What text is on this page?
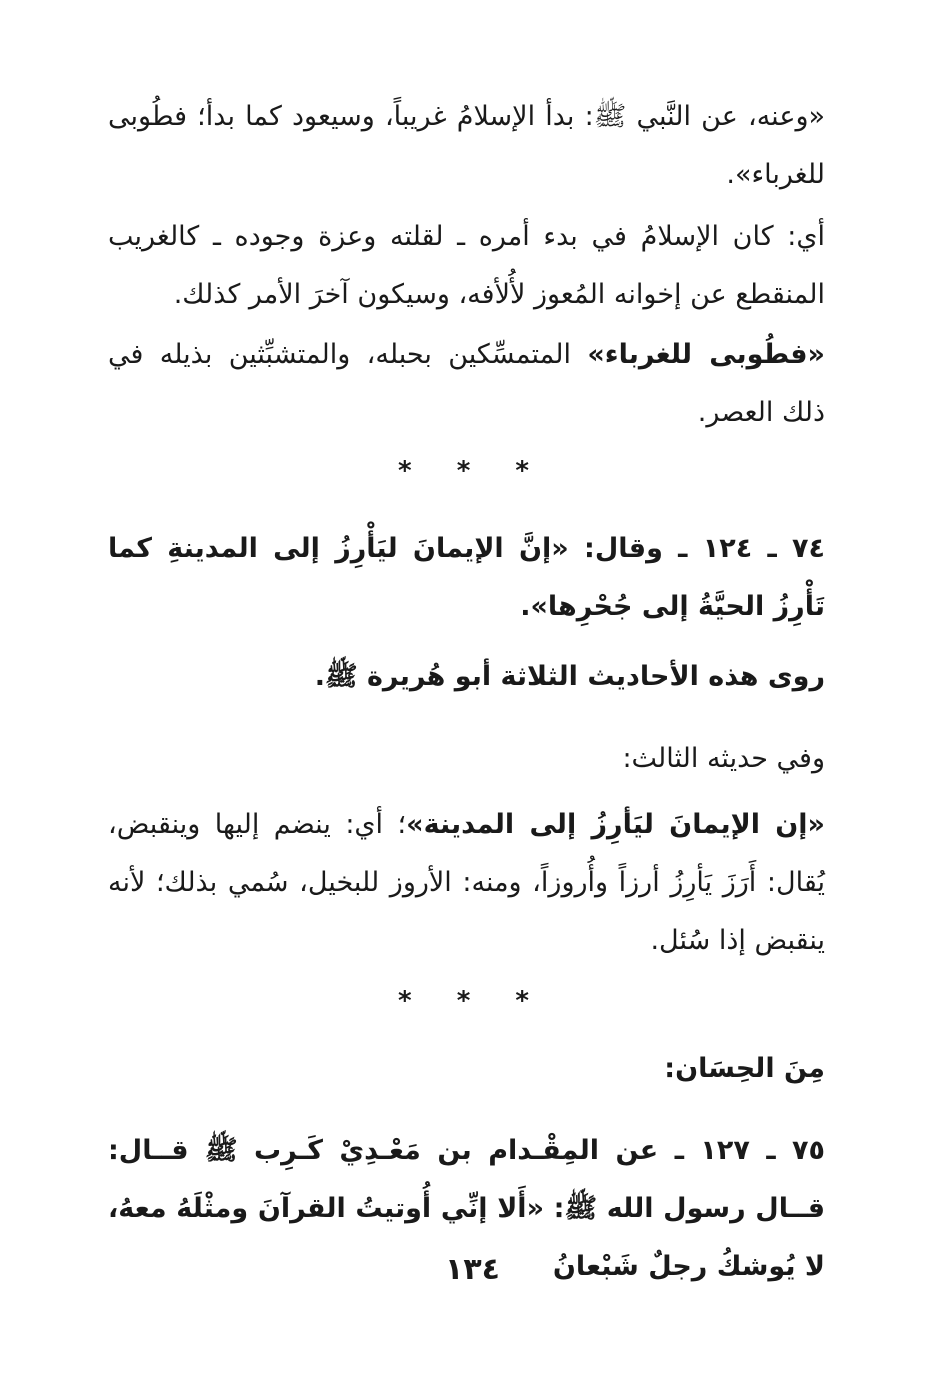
«وعنه، عن النَّبي ﷺ: بدأ الإسلامُ غريباً، وسيعود كما بدأ؛ فطُوبى للغرباء».

أي: كان الإسلامُ في بدء أمره ـ لقلته وعزة وجوده ـ كالغريب المنقطع عن إخوانه المُعوز لأُلأفه، وسيكون آخرَ الأمر كذلك.

«فطُوبى للغرباء» المتمسِّكين بحبله، والمتشبِّثين بذيله في ذلك العصر.

* * *

٧٤ ـ ١٢٤ ـ وقال: «إنَّ الإيمانَ ليَأْرِزُ إلى المدينةِ كما تَأْرِزُ الحيَّةُ إلى جُحْرِها».

روى هذه الأحاديث الثلاثة أبو هُريرة ﷺ.

وفي حديثه الثالث:

«إن الإيمانَ ليَأرِزُ إلى المدينة»؛ أي: ينضم إليها وينقبض، يُقال: أَرَزَ يَأرِزُ أرزاً وأُروزاً، ومنه: الأروز للبخيل، سُمي بذلك؛ لأنه ينقبض إذا سُئل.

* * *

مِنَ الحِسَان:

٧٥ ـ ١٢٧ ـ عن المِقْـدام بن مَعْـدِيْ كَـرِب ﷺ قــال: قــال رسول الله ﷺ: «أَلا إنِّي أُوتيتُ القرآنَ ومثْلَهُ معهُ، لا يُوشكُ رجلٌ شَبْعانُ

١٣٤
